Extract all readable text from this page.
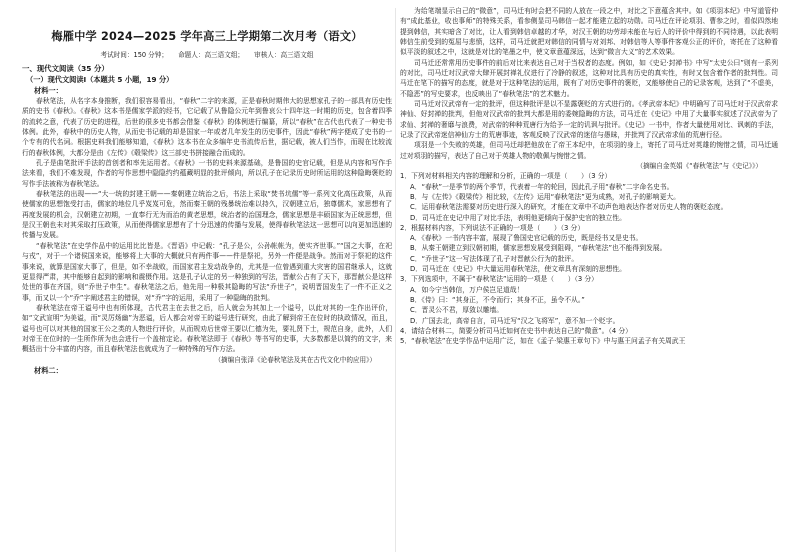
梅雁中学 2024—2025 学年高三上学期第二次月考（语文）
考试时间：150 分钟； 命题人：高三语文组； 审核人：高三语文组
一、现代文阅读（35 分）
（一）现代文阅读Ⅰ（本题共 5 小题，19 分）
材料一：

春秋笔法，从名字本身推断，我们很容易看出，“春秋”二字的来源，正是春秋时期伟大的思想家孔子的一部具有历史性质的史书《春秋》。《春秋》这本书是儒家学派的经书，它记载了从鲁隐公元年到鲁哀公十四年这一时期的历史，包含着四季的流转之意，代表了历史的进程，后世的很多史书都会借鉴《春秋》的体例进行编纂，所以“春秋”在古代也代表了一种史书体例。此外，春秋中的历史人物，从而史书记载的却是国家一年或者几年发生的历史事件，因此“春秋”两字便成了史书的一个专有的代名词。根据史料我们能够知道，《春秋》这本书在众多编年史书流传后世，据记载，被人们当作，而现在比较流行的春秋体例，大都分是由《左传》《毂梁传》这三部史书拼接融合而成的。

孔子是曲笔批评手法的首创者和率先运用者。《春秋》一书的史料来源基础，是鲁国的史官记载，但是从内容和写作手法来看，我们不难发现，作者的写作思想中隐隐约约蕴藏明显的批评倾向，所以孔子在记录历史时所运用的这种隐晦褒贬的写作手法被称为春秋笔法。

春秋笔法的出现——“大一统的封建王朝——秦朝建立统治之后，书法上采取“焚书坑儒”等一系列文化高压政策，从而使儒家的思想饱受打击，儒家的地位几乎岌岌可危，然而秦王朝的残暴统治难以持久，汉朝建立后，独尊儒术，家思想有了再度发展的机会，汉朝建立初期，一直奉行无为而治的黄老思想，统治者的治国理念，儒家思想是丰硕国家为正统思想，但是汉王朝也未对其采取打压政策，从而使得儒家思想有了十分迅速的传播与发展，使得春秋笔法这一思想可以向更加迅速的传播与发展。

“春秋笔法”在史学作品中的运用比比皆是。《晋语》中记载：“孔子是公，公孙帐帐为，使实齐世事。”“国之大事，在祀与戎”，对于一个诸侯国来说，能够将上大事的大概就只有两件事——件是祭祀，另外一件便是战争。然而对于祭祀的这件事来说，就算是国家大事了，但是，如不幸战败，而国家君主发动战争的，尤其是一位曾遇到重大灾害的国君继承人，这就更显得严肃，其中能够自起到的影响和震慑作用。这是孔子认定的另一种独到的写法，晋献公占有了天下，那晋献公是这样处世的事在齐国，则“乔世子申生”。春秋笔法之后，他先用一种极其隐晦的写法“乔世子”，说明晋国发生了一件不正义之事，而又以一个“乔”字阐述君主的错误，对“乔”字的运用，采用了一种隐晦的批判。

春秋笔法在帝王谥号中也有所体现，古代君主在去世之后，后人就会为其加上一个谥号，以此对其的一生作出评价，如“文武宣明”为美谥，而“灵厉炀幽”为恶谥，后人都会对帝王的谥号进行研究，由此了解到帝王在位时的执政情况，而且，谥号也可以对其他的国家王公之类的人物进行评价，从而规劝后世帝王要以仁德为先，要礼贤下士，规范自身，此外，人们对帝王在位时的一生所作所为也会进行一个盖棺定论。春秋笔法即于《春秋》等书写的史事，大多数都是以简约的文字，来概括出十分丰富的内容，而且春秋笔法也就成为了一种特殊的写作方法。

（摘编自张泽《论春秋笔法及其在古代文化中的应用》）
材料二：

为给笔端显示自己的“微意”，司马迁有时会把不同的人放在一段之中，对比之下意蕴含其中。如《项羽本纪》中写道管仲有“成此基业，收也事师”的特殊关系，看参侧显司马韩信一起才能建立起的功勋。司马迁在评论项羽、曹参之时，看似四然地提到韩信，其实暗含了对比，让人看到韩信卓越的才华，对汉王朝的功劳却未能在与后人的评价中得到的不同待遇，以此表明韩信生前受到的冤屈与悲愤，这样，司马迁就把对韩信的同情与对刘邦、对韩信等人等事件客观公正的评价，寄托在了这种看似平淡的叙述之中，这就是对比的笔墨之中，使文章意蕴深远，达到“微言大义”的艺术效果。

司马迁还常常用历史事件的前后对比来表达自己对于当权者的态度。例如，如《史记·封禅书》中写“太史公曰”则有一系列的对比，司马迁对汉武帝大肆开展封禅礼仪进行了冷静的叙述，这种对比具有历史的真实性，有时又包含着作者的批判性。司马迁在笔下的描写的态度，就是对于这种笔法的运用，既有了对历史事件的褒贬，又能够使自己的记录客观，达到了“不虚美，不隐恶”的写史要求，也反映出了“春秋笔法”的艺术魅力。

司马迁对汉武帝有一定的批评，但这种批评是以不显露褒贬的方式进行的。《孝武帝本纪》中明确写了司马迁对于汉武帝求神仙、好封禅的批判，但他对汉武帝的批判大都是用的委婉隐晦的方法，司马迁在《史记》中用了大量事实叙述了汉武帝为了求仙、封禅的奢靡与浪费，对武帝的种种荒唐行为给予一定的讥讽与批评。《史记》一书中，作者大量使用对比、讽刺的手法，记录了汉武帝迷信神仙方士的荒唐事迹，客观反映了汉武帝的迷信与愚昧，并批判了汉武帝求仙的荒唐行径。

项羽是一个失败的英雄，但司马迁却把他放在了帝王本纪中，在项羽的身上，寄托了司马迁对英雄的惋惜之情，司马迁通过对项羽的描写，表达了自己对于英雄人物的敬佩与惋惜之情。

（摘编自金英娟《“春秋笔法”与《史记》》）
1．下列对材料相关内容的理解和分析，正确的一项是（　　）（3 分）
A．“春秋”一是季节的两个季节，代表着一年的轮回，因此孔子用“春秋”二字命名史书。
B．与《左传》《毂梁传》相比较，《左传》运用“春秋笔法”更为成熟，对孔子的影响更大。
C．运用春秋笔法需要对历史进行深入的研究，才能在文章中不动声色地表达作者对历史人物的褒贬态度。
D．司马迁在史记中用了对比手法，表明他更倾向于保护史官的独立性。
2．根据材料内容，下列说法不正确的一项是（　　）（3 分）
A．《春秋》一书内容丰富，展现了鲁国史官记载的历史，既是经书又是史书。
B．从秦王朝建立到汉朝初期，儒家思想发展受到阻碍，“春秋笔法”也不能得到发展。
C．“乔世子”这一写法体现了孔子对晋献公行为的批评。
D．司马迁在《史记》中大量运用春秋笔法，使文章具有深刻的思想性。
3．下列选项中，不属于“春秋笔法”运用的一项是（　　）（3 分）
A．如今宁当韩信，万户侯岂足道哉！
B．《侍》曰：“其身正，不令而行；其身不正，虽令不从。”
C．晋灵公不君，厚敛以雕墙。
D．广国去北，高帝自言，司马迁写“汉之飞将军”，意不加一个贬字。
4．请结合材料二，简要分析司马迁如何在史书中表达自己的“微意”。（4 分）
5．“春秋笔法”在史学作品中运用广泛，如在《孟子·梁惠王章句下》中与惠王问孟子有关周武王
